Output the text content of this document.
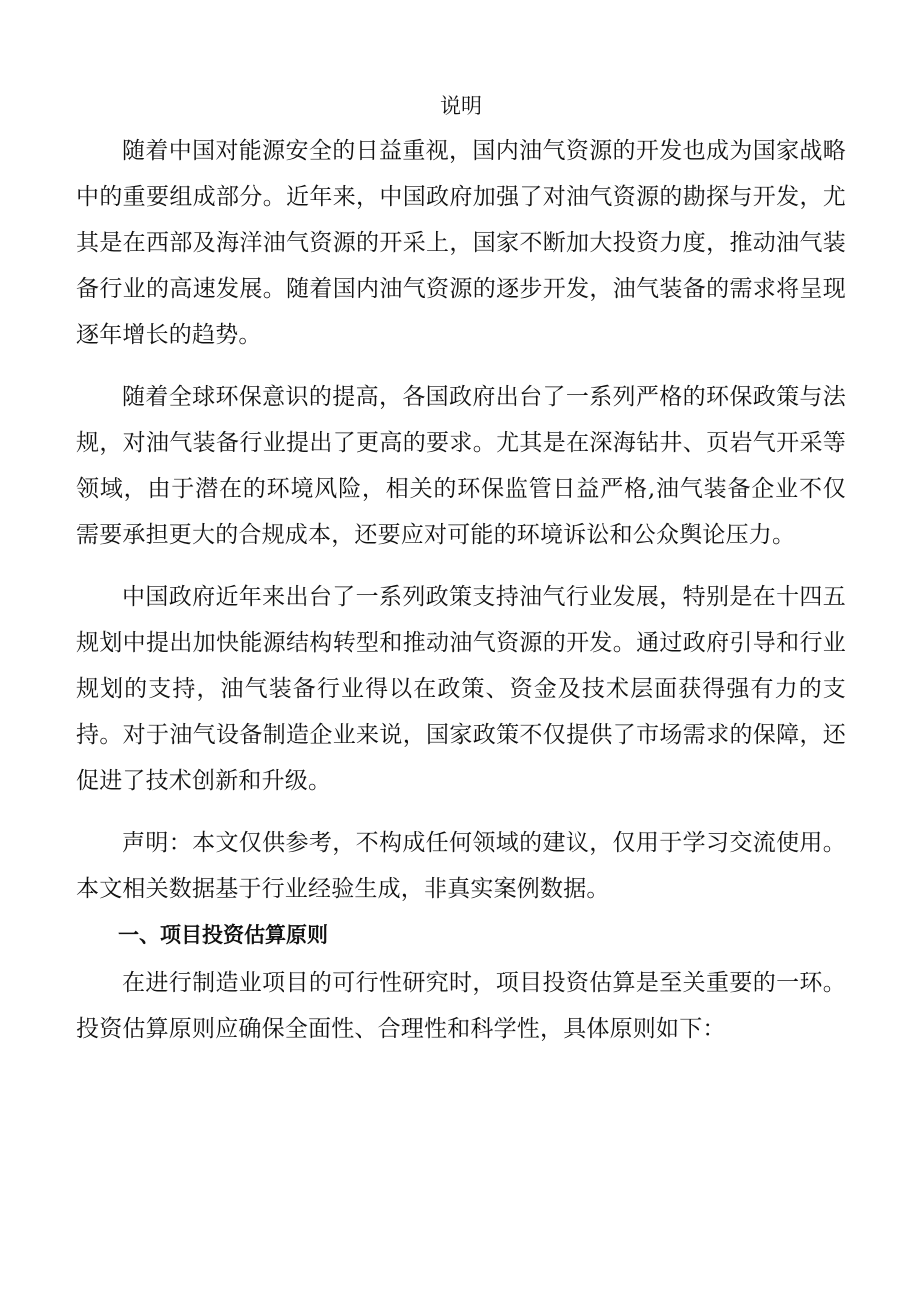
说明

随着中国对能源安全的日益重视，国内油气资源的开发也成为国家战略中的重要组成部分。近年来，中国政府加强了对油气资源的勘探与开发，尤其是在西部及海洋油气资源的开采上，国家不断加大投资力度，推动油气装备行业的高速发展。随着国内油气资源的逐步开发，油气装备的需求将呈现逐年增长的趋势。

随着全球环保意识的提高，各国政府出台了一系列严格的环保政策与法规，对油气装备行业提出了更高的要求。尤其是在深海钻井、页岩气开采等领域，由于潜在的环境风险，相关的环保监管日益严格,油气装备企业不仅需要承担更大的合规成本，还要应对可能的环境诉讼和公众舆论压力。

中国政府近年来出台了一系列政策支持油气行业发展，特别是在十四五规划中提出加快能源结构转型和推动油气资源的开发。通过政府引导和行业规划的支持，油气装备行业得以在政策、资金及技术层面获得强有力的支持。对于油气设备制造企业来说，国家政策不仅提供了市场需求的保障，还促进了技术创新和升级。

声明：本文仅供参考，不构成任何领域的建议，仅用于学习交流使用。本文相关数据基于行业经验生成，非真实案例数据。

一、项目投资估算原则

在进行制造业项目的可行性研究时，项目投资估算是至关重要的一环。投资估算原则应确保全面性、合理性和科学性，具体原则如下：
